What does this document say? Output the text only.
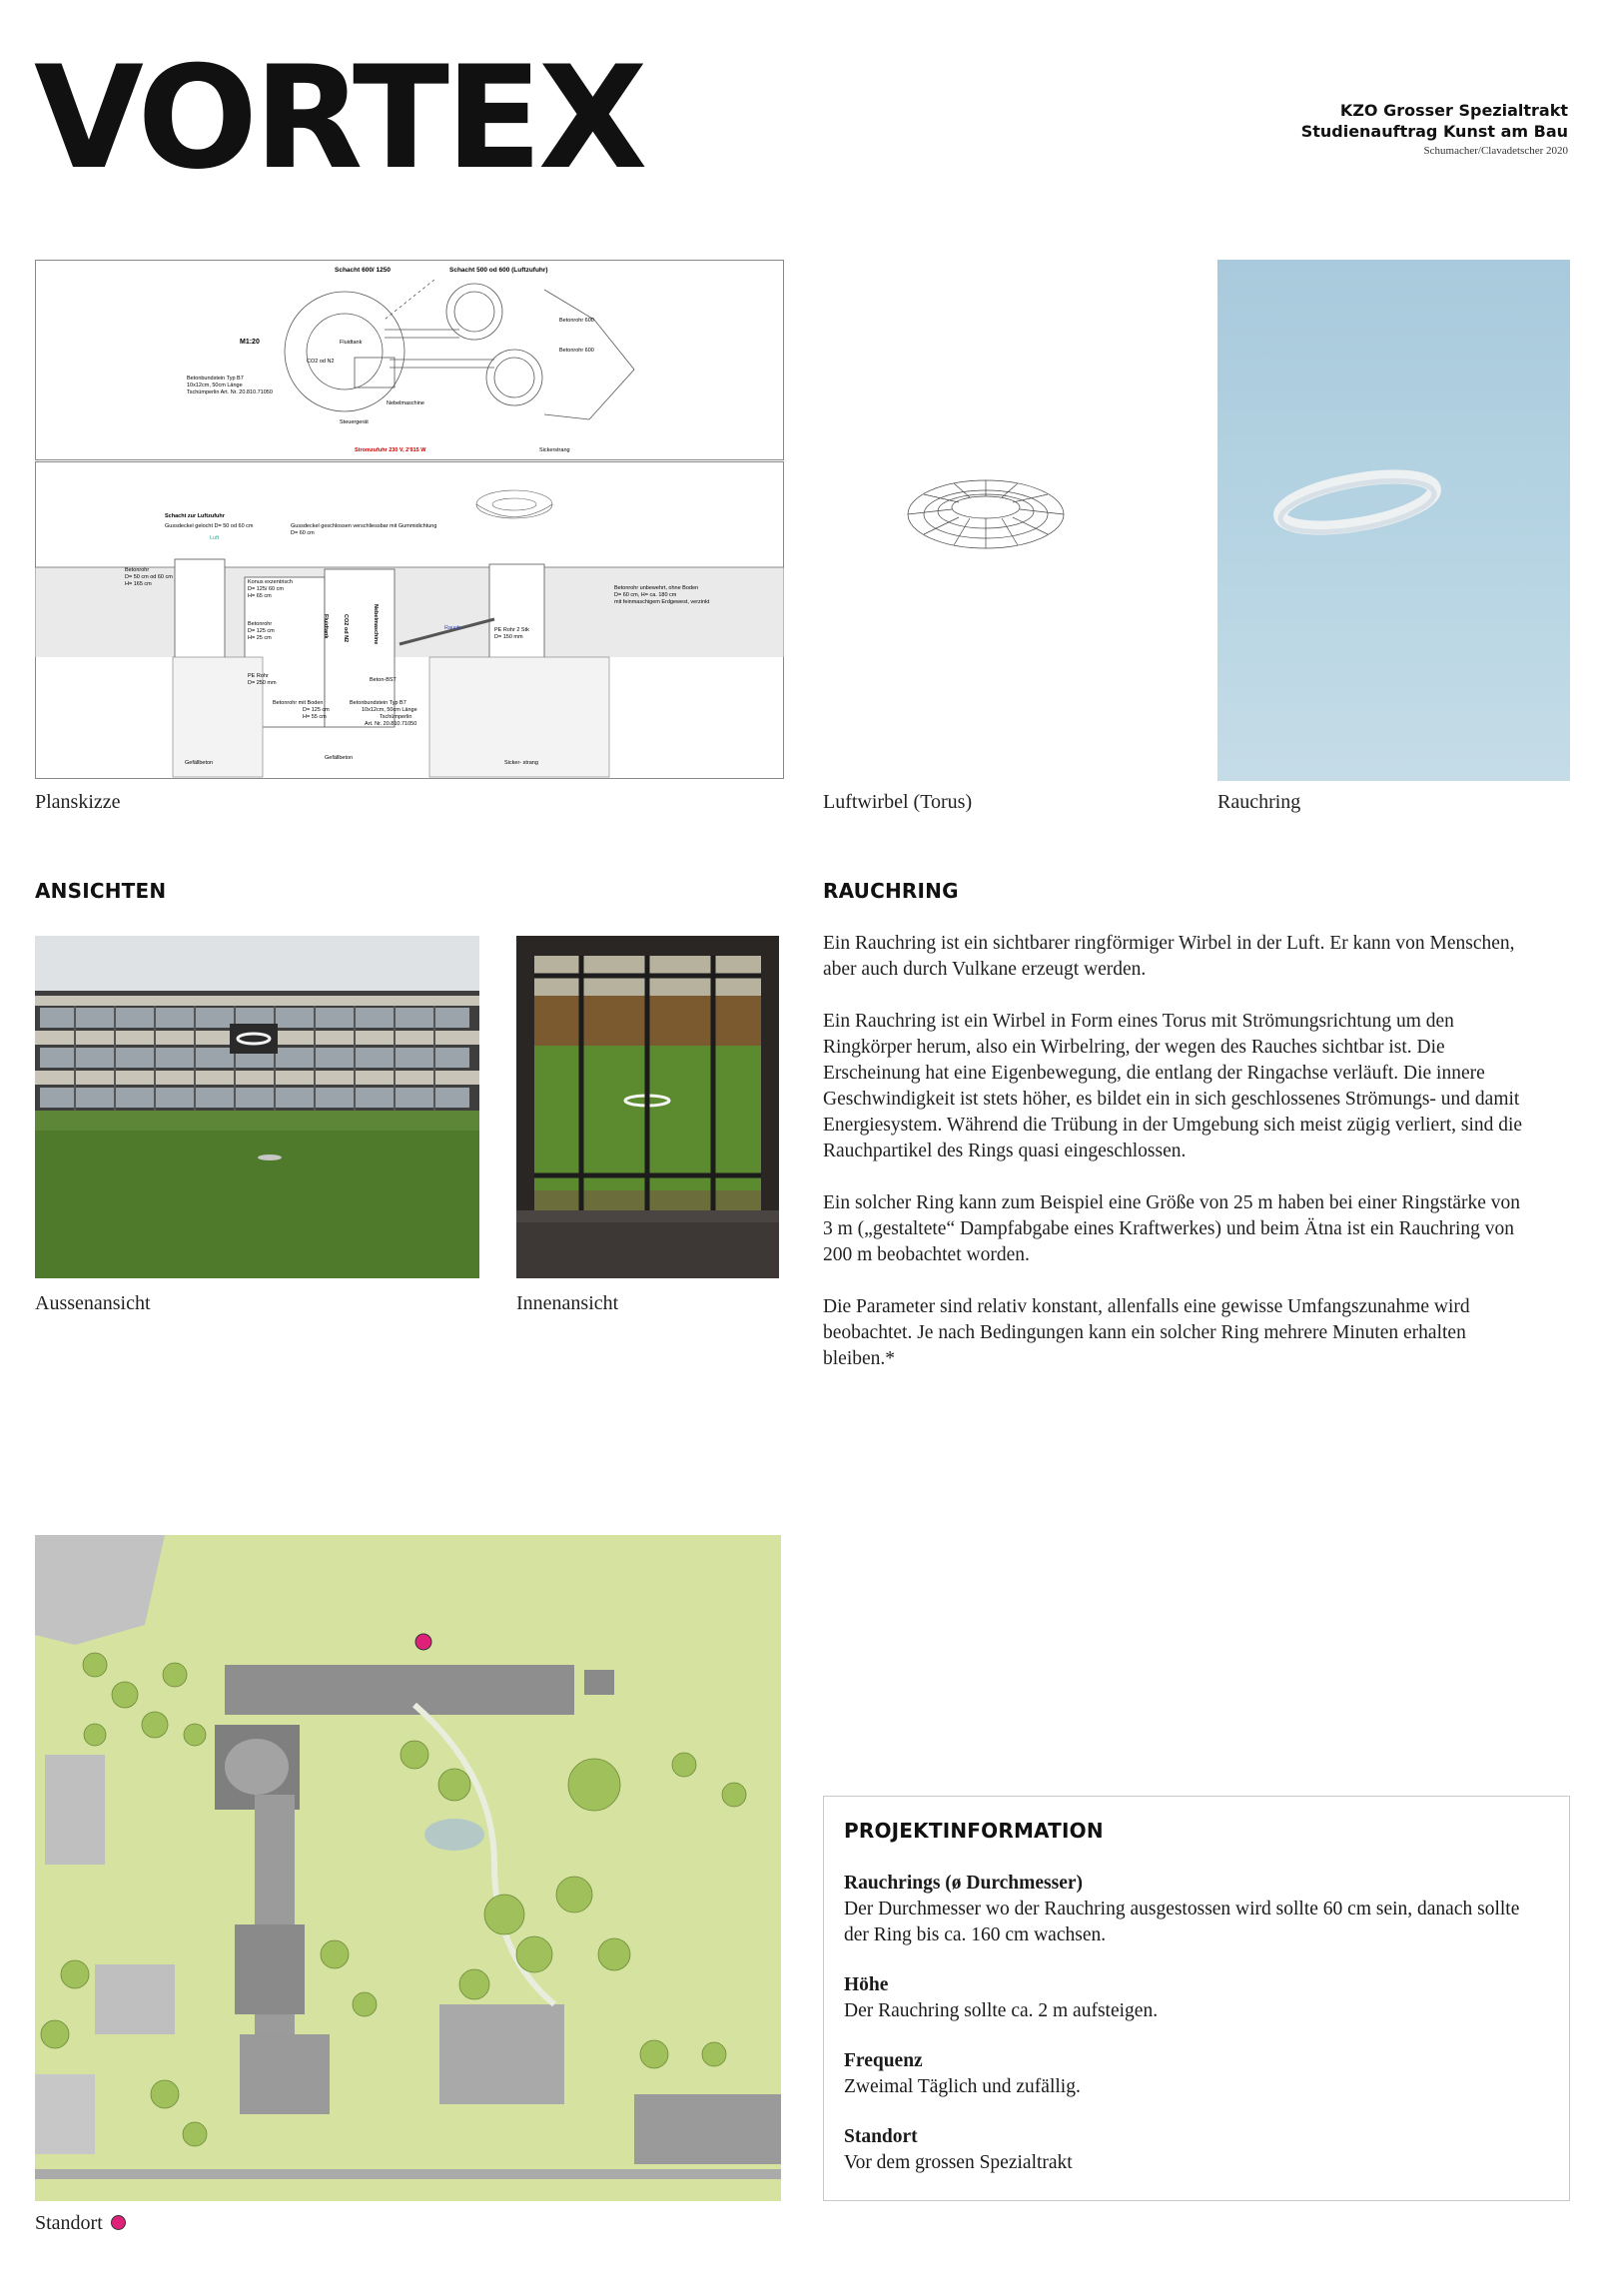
VORTEX	KZO Grosser Spezialtrakt
Studienauftrag Kunst am Bau
Schumacher/Clavadetscher 2020
Schacht 600/ 1250	Schacht 500 od 600 (Luftzufuhr)
M1:20	Fluidtank
CO2 od N2
Nebelmaschine
Steuergerät
Betonrohr 600
Betonrohr 600
Betonbundstein Typ B7
10x12cm, 50cm Länge
Tschümperlin Art. Nr. 20.810.71050
Stromzufuhr 230 V, 2'915 W	Sickerstrang
Schacht zur Luftzufuhr
Gussdeckel gelocht D= 50 od 60 cm	Gussdeckel geschlossen verschliessbar mit Gummidichtung
D= 60 cm
Luft
Betonrohr
D= 50 cm od 60 cm
H= 165 cm	Konus exzentrisch
D= 125/ 60 cm
H= 65 cm
Betonrohr
D= 125 cm
H= 25 cm
PE Rohr
D= 250 mm
Betonrohr mit Boden
D= 125 cm
H= 55 cm
Betonbundstein Typ B7
10x12cm, 50cm Länge
Tschümperlin
Art. Nr. 20.810.71050
Rauch	PE Rohr 2 Stk
D= 150 mm
Betonrohr unbewehrt, ohne Boden
D= 60 cm, H= ca. 180 cm
mit feinmaschigem Erdgewest, verzinkt
Beton-BST
Gefällbeton
Gefällbeton	Sicker- strang
Fluidtank	CO2 od N2	Nebelmaschine
Planskizze	Luftwirbel (Torus)	Rauchring
ANSICHTEN
Aussenansicht	Innenansicht
RAUCHRING

Ein Rauchring ist ein sichtbarer ringförmiger Wirbel in der Luft. Er kann von Menschen, aber auch durch Vulkane erzeugt werden.

Ein Rauchring ist ein Wirbel in Form eines Torus mit Strömungsrichtung um den Ringkörper herum, also ein Wirbelring, der wegen des Rauches sichtbar ist. Die Erscheinung hat eine Eigenbewegung, die entlang der Ringachse verläuft. Die innere Geschwindigkeit ist stets höher, es bildet ein in sich geschlossenes Strömungs- und damit Energiesystem. Während die Trübung in der Umgebung sich meist zügig verliert, sind die Rauchpartikel des Rings quasi eingeschlossen.

Ein solcher Ring kann zum Beispiel eine Größe von 25 m haben bei einer Ringstärke von 3 m („gestaltete“ Dampfabgabe eines Kraftwerkes) und beim Ätna ist ein Rauchring von 200 m beobachtet worden.

Die Parameter sind relativ konstant, allenfalls eine gewisse Umfangszunahme wird beobachtet. Je nach Bedingungen kann ein solcher Ring mehrere Minuten erhalten bleiben.*

Standort
PROJEKTINFORMATION
Rauchrings (ø Durchmesser)
Der Durchmesser wo der Rauchring ausgestossen wird sollte 60 cm sein, danach sollte der Ring bis ca. 160 cm wachsen.
Höhe
Der Rauchring sollte ca. 2 m aufsteigen.
Frequenz
Zweimal Täglich und zufällig.
Standort
Vor dem grossen Spezialtrakt
